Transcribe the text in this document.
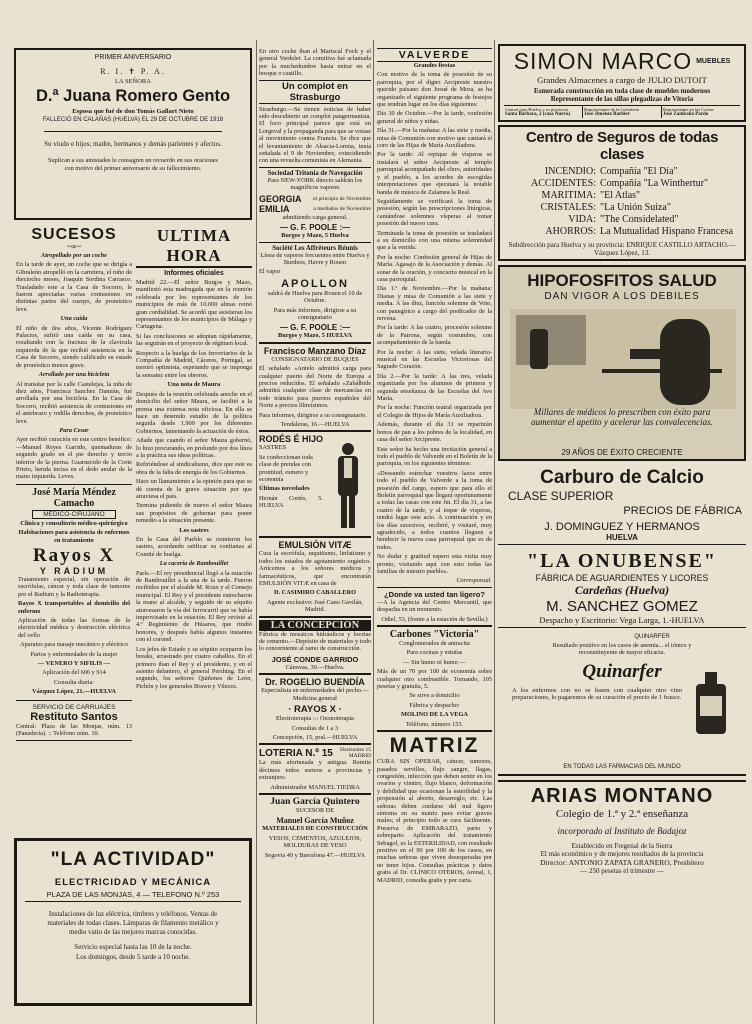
PRIMER ANIVERSARIO
R. I. ✝ P. A.
LA SEÑORA
D.ª Juana Romero Gento
Esposa que fué de don Tomás Gallart Nieto
FALLECIÓ EN CALAÑAS (HUELVA) EL 29 DE OCTUBRE DE 1918
Su viudo e hijos; madre, hermanos y demás parientes y afectos.
Suplican a sus amistades le consagren un recuerdo en sus oraciones con motivo del primer aniversario de su fallecimiento.
SUCESOS
~∞~
Atropellado por un coche
En la tarde de ayer, un coche que se dirigía a Gibraleón atropelló en la carretera, el niño de dieciocho meses, Joaquín Sordina Carrasco. Trasladado este a la Casa de Socorro, le fueron apreciadas varias contusiones en distintas partes del cuerpo, de pronóstico leve.
Una caída
El niño de dos años, Vicente Rodríguez Palacios, sufrió una caída en su casa, resultando con la fractura de la clavícula izquierda de la que recibió asistencia en la Casa de Socorro, siendo calificado su estado de pronóstico menos grave.
Arrollado por una bicicleta
Al transitar por la calle Castelejas, la niña de diez años, Francisca Sanchez Damián, fué arrollada por una bicicleta. En la Casa de Socorro, recibió asistencia de contusiones en el antebrazo y rodilla derechos, de pronóstico leve.
Para Cesar
Ayer recibió curación en este centro benéfico: —Manuel Reyes Garrido, quemaduras de segundo grado en el pie derecho y tercio inferior de la pierna. Guarnecido de la Corte Prieto, herida incisa en el dedo anular de la mano izquierda. Leves.
José María Méndez Camacho
MÉDICO-CIRUJANO
Clínica y consultorio médico-quirúrgico
Habitaciones para asistencia de enfermos en tratamiento
Rayos X
Y RADIUM
Tratamiento especial, sin operación de escrófulas, cáncer y toda clase de tumores por el Radium y la Radioterapia.
Rayos X transportables al domicilio del enfermo
Aplicación de todas las formas de la electricidad médica y destrucción eléctrica del vello
Aparatos para masaje mecánico y eléctrico
Partos y enfermedades de la mujer
— VENERO Y SIFILIS —
Aplicación del 606 y 914
Consulta diaria:
Vázquez López, 21.—HUELVA
SERVICIO DE CARRUAJES
Restituto Santos
Central: Plaza de las Monjas, núm. 13 (Panadería). :: Teléfono núm. 10.
"LA ACTIVIDAD"
ELECTRICIDAD Y MECÁNICA
PLAZA DE LAS MONJAS, 4 — TELEFONO N.º 253
Instalaciones de luz eléctrica, timbres y teléfonos. Ventas de materiales de todas clases. Lámparas de filamento metálico y medio vatio de las mejores marcas conocidas.
Servicio especial hasta las 10 de la noche.
Los domingos, desde 5 tarde a 10 noche.
ULTIMA HORA
Informes oficiales
Madrid 22.—El señor Burgos y Mazo, manifestó esta madrugada que en la reunión celebrada por los representantes de los municipios de más de 10.000 almas reinó gran cordialidad. Se acordó que asistieran los representantes de los municipios de Málaga y Cartagena.
Si las conclusiones se adoptan rápidamente, las seguirán en el proyecto de régimen local.
Respecto a la huelga de los ferroviarios de la Compañía de Madrid, Cáceres, Portugal, se mostró optimista, esperando que se imponga la sensatez entre los obreros.
Una nota de Maura
Después de la reunión celebrada anoche en el domicilio del señor Maura, se facilitó a la prensa una extensa nota oficiosa. En ella se hace un detenido estudio de la política seguida desde 1.909 por los diferentes Gobiernos, lamentando la actuación de éstos.
Añade que cuando el señor Maura gobernó, lo hizo procurando, en profundo por dos línea a la práctica sus ideas políticas.
Refiriéndose al sindicalismo, dice que este es obra de la falta de energía de los Gobiernos.
Hace un llamamiento a la opinión para que se dé cuenta de la grave situación por que atraviesa el país.
Termina pidiendo de nuevo el señor Maura sus propósitos de gobernar para poner remedio a la situación presente.
Los sastres
En la Casa del Pueblo se reunieron los sastres, acordando ratificar su confianza al Comité de huelga.
La cacería de Rambouillet
París.—El rey presidencial llegó a la estación de Rambouillet a la una de la tarde. Fueron recibidos por el alcalde M. Roux y el Consejo municipal. El Rey y el presidente estrecharon la mano al alcalde, y seguido de su séquito atravesaron la vía del ferrocarril que se había improvisado en la estación. El Rey revistó al 4.º Regimiento de Húsares, que rindió honores, y después había algunos instantes con el coronel.
Los jefes de Estado y su séquito ocuparon los breaks, arrastrado por cuatro caballos. En el primero iban el Rey y el presidente, y en el asiento delantero, el general Pershing. En el segundo, los señores Quiñones de León, Pichón y los generales Brawn y Vilecez.
En otro coche iban el Mariscal Foch y el general Verdelet. La comitiva fué aclamada por la muchedumbre hasta entrar en el bosque o castillo.
Un complot en Strasburgo
Strasburgo.—Se tienen noticias de haber sido descubierto un complot pangermanista. El foco principal parece que está en Lorgeval y la propaganda para que se votase al movimiento contra Francia. Se dice que el levantamiento de Alsacia-Lorena, tenía señalada el 9 de Noviembre, coincidiendo con una revuelta comunista en Alemania.
Sociedad Tritonia de Navegación
Para NEW-YORK directo saldrán los magníficos vapores
GEORGIA el principio de Noviembre
EMILIA	a mediados de Noviembre
admitiendo carga general.
— G. F. POOLE :—
Burgos y Mazo, 5 Huelva
Société Les Affréteurs Réunis
Línea de vapores frecuentes entre Huelva y Burdeos, Havre y Rouen
El vapor
APOLLON
saldrá de Huelva para Rouen el 10 de Octubre.
Para más informes, dirigirse a su consignatario
— G. F. POOLE :—
Burgos y Mazo, 5 HUELVA
Francisco Manzano Díaz
CONSIGNATARIO DE BUQUES
El señalado «Antelo admitirá carga para cualquier puerto del Norte de Europa a precios reducidos. El señalado «Zabálbide admitirá cualquier clase de mercancías en todo tránsito para puertos españoles del Norte a precios libreísimos.
Para informes, dirigirse a su consignatario.
Tendaleras, 16.—HUELVA
RODÉS É HIJO
SASTRES
Se confeccionan toda clase de prendas con prontitud, esmero y economía
Últimas novedades
Hernán Cortés, 5. HUELVA
EMULSIÓN VITÆ
Cura la escrófula, raquitismo, linfatismo y todos los estados de agotamiento orgánico. Artícemos a los señores médicos y farmacéuticos, que encontrarán EMULSIÓN VITÆ en casa de
D. CASIMIRO CABALLERO
Agente exclusivo: José Cano Gavilán, Madrid.
LA CONCEPCIÓN
Fábrica de mosaicos hidráulicos y locetas de cemento.—Depósito de materiales y todo lo concerniente al ramo de construcción.
JOSÉ CONDE GARRIDO
Cánovas, 30.—Huelva.
Dr. ROGELIO BUENDÍA
Especialista en enfermedades del pecho.—Medicina general
· RAYOS X ·
Electroterapia :-: Ozonoterapia
Consultas de 1 a 3
Concepción, 15, pral.—HUELVA
LOTERIA N.º 15 Horizontes 15
MADRID
La más afortunada y antigua. Remite décimos todos sorteos a provincias y extranjero.
Administrador MANUEL TIEDRA
Juan García Quintero
SUCESOR DE
Manuel García Muñoz
MATERIALES DE CONSTRUCCIÓN
YESOS, CEMENTOS, AZULEJOS, MOLDURAS DE YESO
Segovia 49 y Barcelona 47.—HUELVA
VALVERDE
Grandes fiestas
Con motivo de la toma de posesión de su parroquia, por el digno Arcipreste nuestro querido paisano don Josué de Mora, se ha organizado el siguiente programa de festejos que tendrán lugar en los días siguientes:
Día 30 de Octubre.—Por la tarde, confesión general de niños y niñas.
Día 31.—Por la mañana: A las siete y media, misa de Comunión con motivo que cantará el coro de las Hijas de María Auxiliadora.
Por la tarde: Al repique de vísperas se instalará el señor Arcipreste al templo parroquial acompañado del clero, autoridades y el pueblo, a los acordes de escogidas interpretaciones que ejecutará la notable banda de música de Zalamea la Real.
Seguidamente se verificará la toma de posesión, según las prescripciones litúrgicas, cantándose solemnes vísperas al tomar posesión del nuevo cura.
Terminada la toma de posesión se trasladará a su domicilio con una misma solemnidad que a la venida.
Por la noche: Confesión general de Hijas de María. Agasajo de la Asociación y demás. Al sonar de la oración, y concierto musical en la casa parroquial.
Día 1.º de Noviembre.—Por la mañana: Dianas y misa de Comunión a las siete y media. A las diez, función solemne de Voto, con panegírico a cargo del predicador de la novena.
Por la tarde: A las cuatro, procesión solemne de la Patrona, según costumbre, con acompañamiento de la banda.
Por la noche: A las siete, velada literario-musical en las Escuelas Victoriosas del Sagrado Corazón.
Día 2.—Por la tarde: A las tres, velada organizada por los alumnos de primera y segunda enseñanza de las Escuelas del Ave María.
Por la noche: Función teatral organizada por el Colegio de Hijos de María Auxiliadora.
Además, durante el día 31 se repartirán bonos de pan a los pobres de la localidad, en casa del señor Arcipreste.
Este señor ha hecho una invitación general a todo el pueblo de Valverde en el Boletín de la parroquia, en los siguientes términos:
«Deseando estrechar vuestros lazos entre todo el pueblo de Valverde a la toma de posesión del cargo, espero que para ello el Boletín parroquial que llegará oportunamente a todas las casas con este fin. El día 31, a las cuatro de la tarde, y al toque de vísperas, tendrá lugar este acto. A continuación y en los días sucesivos, recibiré, y visitaré, muy agradecido, a todos cuantos lleguen a bendecir la nueva casa parroquial que es de todos.
No dudar y gratitud espero esta visita muy pronto, visitando aquí con esto todas las familias de nuestro pueblo».
Corresponsal.
¿Donde va usted tan ligero?
—A la Agencia del Centro Mercantil, que despacha en un momento.
Odiel, 53, (frente a la estación de Sevilla.)
Carbones "Victoria"
Conglomerados de antracita
Para cocinas y estufas
— Sin humo ni humo —
Más de un 70 por 100 de economía sobre cualquier otro combustible. Tomando, 105 pesetas y gratuita, 5.
Se sirve a domicilio
Fábrica y despacho:
MOLINO DE LA VEGA
Teléfono, número 153.
MATRIZ
CURA SIN OPERAR, cáncer, tumores, pasados servilles, flujo sangre, llagas, congestión, infección que deben sentir en los ovarios y vientre, flujo blanco, deformación y debilidad que ocasionan la esterilidad y la propensión al aborto, desarreglo, etc. Las señoras deben cuidarse del mal ligero síntoma en su matriz para evitar graves males; el principio todo se cura fácilmente. Preserva de EMBARAZO, parto y sobreparto. Aplicación del tratamiento Sebagol, es la ESTERILIDAD, con resultado positivo en el 90 por 100 de los casos, en muchas señoras que viven desesperadas por no tener hijos. Consultas prácticas y datos gratis al Dr. CLÍNICO OTEROS, Arenal, 1, MADRID, consulta gratis y por carta.
SIMON MARCO MUEBLES
Grandes Almacenes a cargo de JULIO DUTOIT
Esmerada construcción en toda clase de muebles modernos
Representante de las sillas plegadizas de Vitoria
Central para Huelva y su provincia
Santa Bárbara, 2 (casa Nueva)
Representante de la Cristalería
José Jiménez Barbier
Representante en las Cristas
José Zambaña Pardo
Centro de Seguros de todas clases
INCENDIO: Compañía "El Día"
ACCIDENTES: Compañía "La Winthertur"
MARITIMA: "El Atlas"
CRISTALES: "La Unión Suiza"
VIDA: "The Considelated"
AHORROS: La Mutualidad Hispano Francesa
Subdirección para Huelva y su provincia: ENRIQUE CASTILLO ARTACHO.—Vázquez López, 13.
HIPOFOSFITOS SALUD
DAN VIGOR A LOS DEBILES
Millares de médicos lo prescriben con éxito para aumentar el apetito y acelerar las convalecencias.
29 AÑOS DE ÉXITO CRECIENTE
Carburo de Calcio
CLASE SUPERIOR
PRECIOS DE FÁBRICA
J. DOMINGUEZ Y HERMANOS
HUELVA
"LA ONUBENSE"
FÁBRICA DE AGUARDIENTES Y LICORES
Cardeñas (Huelva)
M. SANCHEZ GOMEZ
Despacho y Escritorio: Vega Larga, 1.-HUELVA
QUINARFER
Resultado positivo en los casos de anemia... el tónico y reconstituyente de mayor eficacia.
Quinarfer
A los enfermos con no se basen con cualquier otro vino preparaciones, lo pagaremos de su curación el precio de 1 frasco.
EN TODAS LAS FARMACIAS DEL MUNDO
ARIAS MONTANO
Colegio de 1.ª y 2.ª enseñanza
incorporado al Instituto de Badajoz
Establecido en Fregenal de la Sierra
El más económico y de mejores resultados de la provincia
Director: ANTONIO ZAPATA GRANERO, Presbítero
— 250 pesetas el trimestre —
